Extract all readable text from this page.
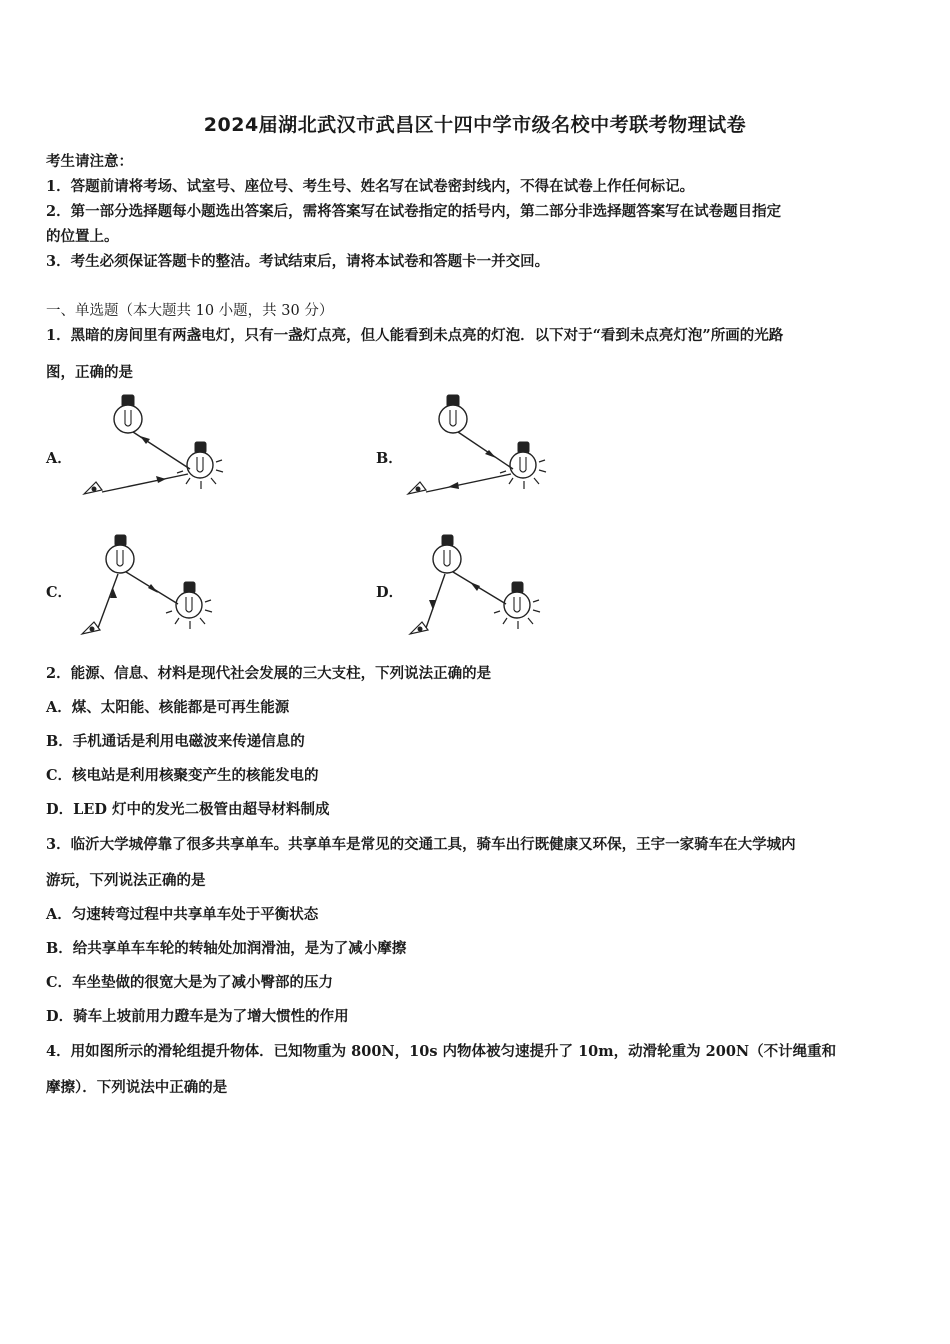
2024届湖北武汉市武昌区十四中学市级名校中考联考物理试卷
考生请注意：
1．答题前请将考场、试室号、座位号、考生号、姓名写在试卷密封线内，不得在试卷上作任何标记。
2．第一部分选择题每小题选出答案后，需将答案写在试卷指定的括号内，第二部分非选择题答案写在试卷题目指定
的位置上。
3．考生必须保证答题卡的整洁。考试结束后，请将本试卷和答题卡一并交回。
一、单选题（本大题共 10 小题，共 30 分）
1．黑暗的房间里有两盏电灯，只有一盏灯点亮，但人能看到未点亮的灯泡．以下对于“看到未点亮灯泡”所画的光路
图，正确的是
A．	B．
C．	D．
2．能源、信息、材料是现代社会发展的三大支柱，下列说法正确的是
A．煤、太阳能、核能都是可再生能源
B．手机通话是利用电磁波来传递信息的
C．核电站是利用核聚变产生的核能发电的
D．LED 灯中的发光二极管由超导材料制成
3．临沂大学城停靠了很多共享单车。共享单车是常见的交通工具，骑车出行既健康又环保，王宇一家骑车在大学城内
游玩，下列说法正确的是
A．匀速转弯过程中共享单车处于平衡状态
B．给共享单车车轮的转轴处加润滑油，是为了减小摩擦
C．车坐垫做的很宽大是为了减小臀部的压力
D．骑车上坡前用力蹬车是为了增大惯性的作用
4．用如图所示的滑轮组提升物体．已知物重为 800N，10s 内物体被匀速提升了 10m，动滑轮重为 200N（不计绳重和
摩擦）．下列说法中正确的是
